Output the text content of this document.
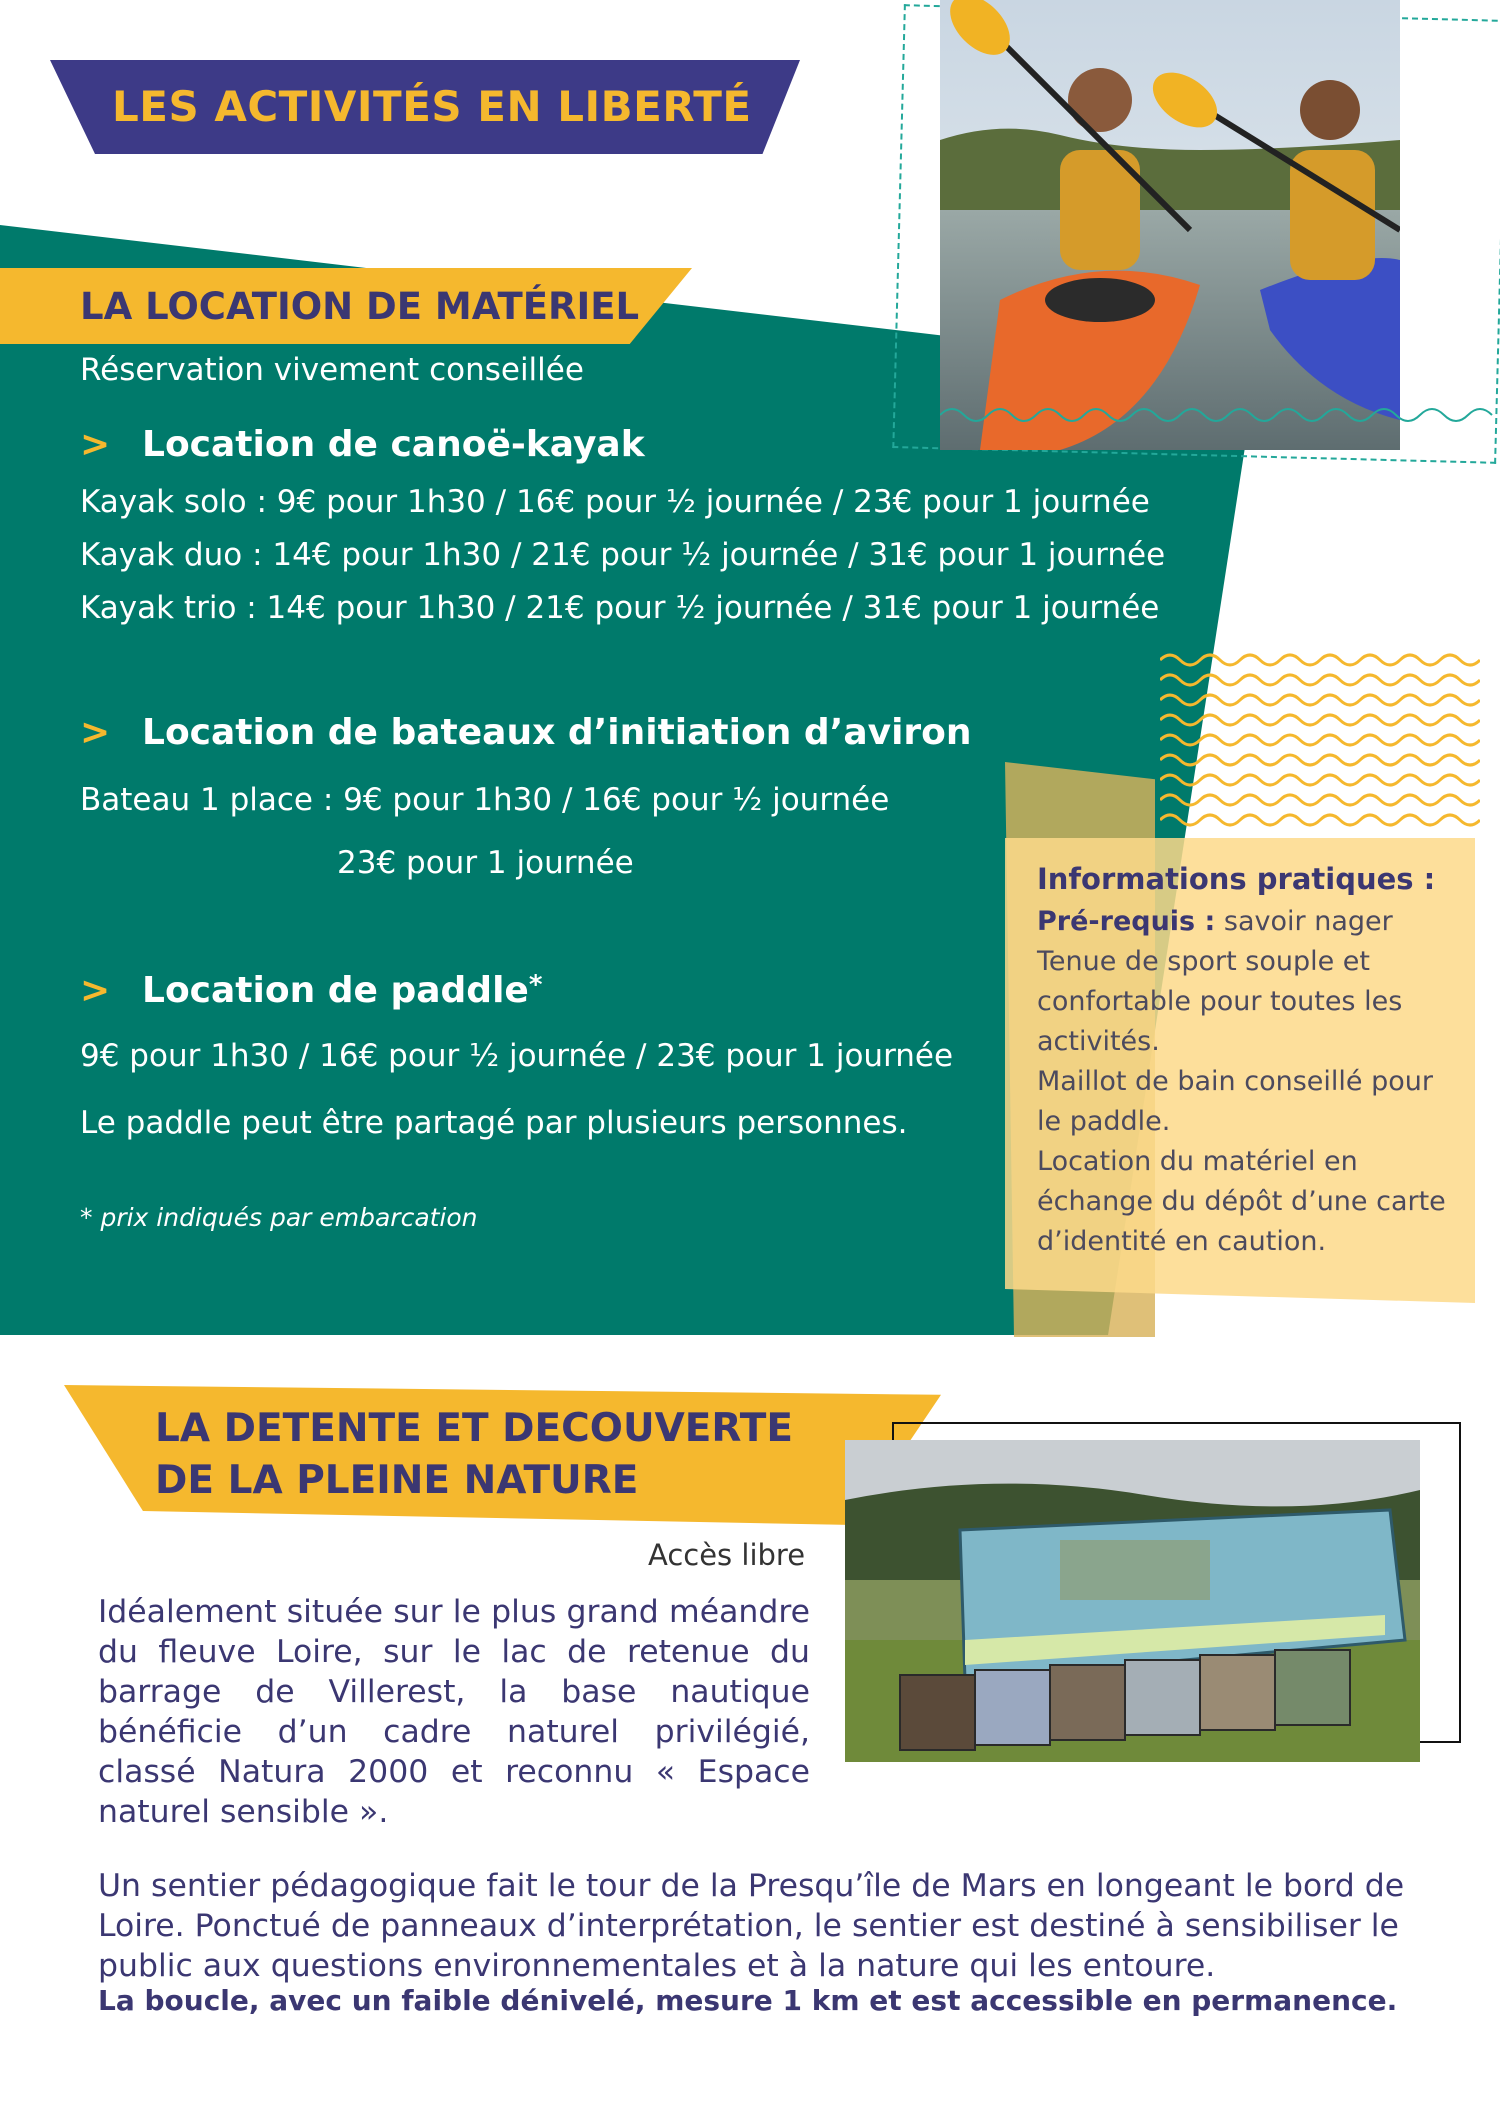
LES ACTIVITÉS EN LIBERTÉ
LA LOCATION DE MATÉRIEL
Réservation vivement conseillée
> Location de canoë-kayak
Kayak solo : 9€ pour 1h30 / 16€ pour ½ journée / 23€ pour 1 journée
Kayak duo : 14€ pour 1h30 / 21€ pour ½ journée / 31€ pour 1 journée
Kayak trio : 14€ pour 1h30 / 21€ pour ½ journée / 31€ pour 1 journée
> Location de bateaux d’initiation d’aviron
Bateau 1 place : 9€ pour 1h30 / 16€ pour ½ journée
23€ pour 1 journée
> Location de paddle*
9€ pour 1h30 / 16€ pour ½ journée / 23€ pour 1 journée
Le paddle peut être partagé par plusieurs personnes.
* prix indiqués par embarcation
Informations pratiques :
Pré-requis : savoir nager
Tenue de sport souple et confortable pour toutes les activités.
Maillot de bain conseillé pour le paddle.
Location du matériel en échange du dépôt d’une carte d’identité en caution.
LA DETENTE ET DECOUVERTE
DE LA PLEINE NATURE
Accès libre
Idéalement située sur le plus grand méandre du fleuve Loire, sur le lac de retenue du barrage de Villerest, la base nautique bénéficie d’un cadre naturel privilégié, classé Natura 2000 et reconnu « Espace naturel sensible ».
Un sentier pédagogique fait le tour de la Presqu’île de Mars en longeant le bord de Loire. Ponctué de panneaux d’interprétation, le sentier est destiné à sensibiliser le public aux questions environnementales et à la nature qui les entoure.
La boucle, avec un faible dénivelé, mesure 1 km et est accessible en permanence.
